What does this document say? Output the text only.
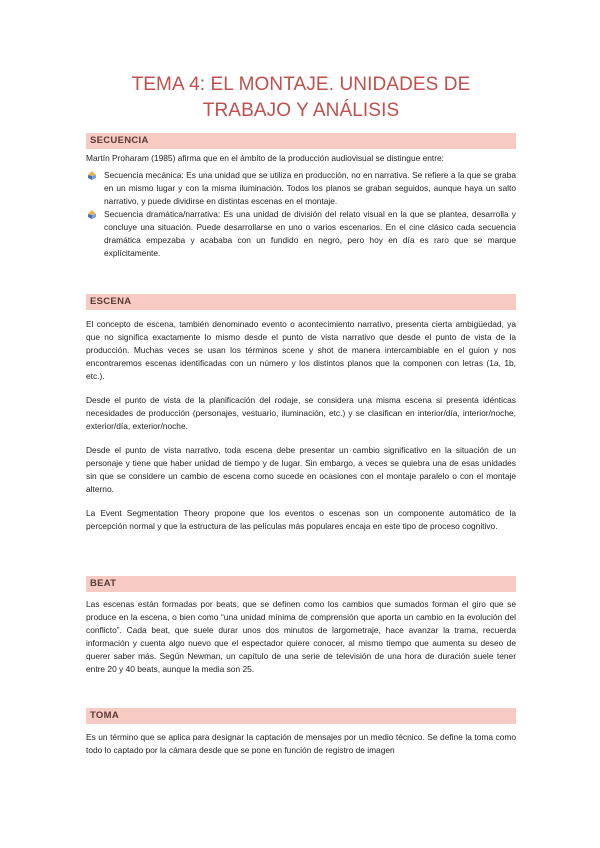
TEMA 4: EL MONTAJE. UNIDADES DE TRABAJO Y ANÁLISIS
SECUENCIA

Martín Proharam (1985) afirma que en el ámbito de la producción audiovisual se distingue entre:

Secuencia mecánica: Es una unidad que se utiliza en producción, no en narrativa. Se refiere a la que se graba en un mismo lugar y con la misma iluminación. Todos los planos se graban seguidos, aunque haya un salto narrativo, y puede dividirse en distintas escenas en el montaje.
Secuencia dramática/narrativa: Es una unidad de división del relato visual en la que se plantea, desarrolla y concluye una situación. Puede desarrollarse en uno o varios escenarios. En el cine clásico cada secuencia dramática empezaba y acababa con un fundido en negro, pero hoy en día es raro que se marque explícitamente.
ESCENA

El concepto de escena, también denominado evento o acontecimiento narrativo, presenta cierta ambigüedad, ya que no significa exactamente lo mismo desde el punto de vista narrativo que desde el punto de vista de la producción. Muchas veces se usan los términos scene y shot de manera intercambiable en el guion y nos encontraremos escenas identificadas con un número y los distintos planos que la componen con letras (1a, 1b, etc.).

Desde el punto de vista de la planificación del rodaje, se considera una misma escena si presenta idénticas necesidades de producción (personajes, vestuario, iluminación, etc.) y se clasifican en interior/día, interior/noche, exterior/día, exterior/noche.

Desde el punto de vista narrativo, toda escena debe presentar un cambio significativo en la situación de un personaje y tiene que haber unidad de tiempo y de lugar. Sin embargo, a veces se quiebra una de esas unidades sin que se considere un cambio de escena como sucede en ocasiones con el montaje paralelo o con el montaje alterno.

La Event Segmentation Theory propone que los eventos o escenas son un componente automático de la percepción normal y que la estructura de las películas más populares encaja en este tipo de proceso cognitivo.

BEAT

Las escenas están formadas por beats, que se definen como los cambios que sumados forman el giro que se produce en la escena, o bien como “una unidad mínima de comprensión que aporta un cambio en la evolución del conflicto”. Cada beat, que suele durar unos dos minutos de largometraje, hace avanzar la trama, recuerda información y cuenta algo nuevo que el espectador quiere conocer, al mismo tiempo que aumenta su deseo de querer saber más. Según Newman, un capítulo de una serie de televisión de una hora de duración suele tener entre 20 y 40 beats, aunque la media son 25.

TOMA

Es un término que se aplica para designar la captación de mensajes por un medio técnico. Se define la toma como todo lo captado por la cámara desde que se pone en función de registro de imagen
